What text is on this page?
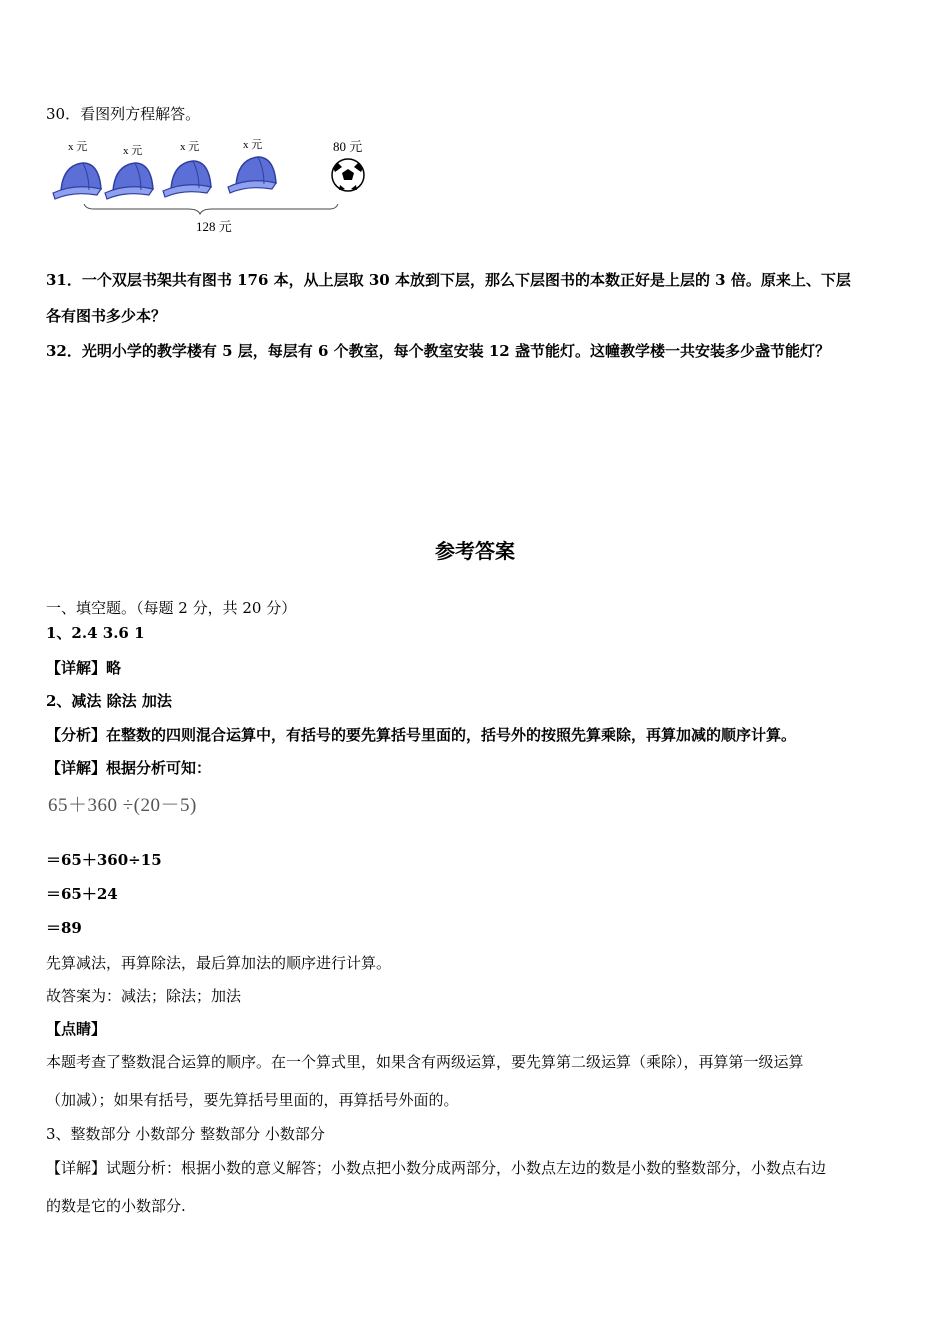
30．看图列方程解答。
x 元	x 元	x 元	x 元	80 元
128 元
31．一个双层书架共有图书 176 本，从上层取 30 本放到下层，那么下层图书的本数正好是上层的 3 倍。原来上、下层
各有图书多少本？
32．光明小学的教学楼有 5 层，每层有 6 个教室，每个教室安装 12 盏节能灯。这幢教学楼一共安装多少盏节能灯？
参考答案
一、填空题。（每题 2 分，共 20 分）
1、2.4 3.6 1
【详解】略
2、减法 除法 加法
【分析】在整数的四则混合运算中，有括号的要先算括号里面的，括号外的按照先算乘除，再算加减的顺序计算。
【详解】根据分析可知：
65＋360 ÷(20－5)
＝65＋360÷15
＝65＋24
＝89
先算减法，再算除法，最后算加法的顺序进行计算。
故答案为：减法；除法；加法
【点睛】
本题考查了整数混合运算的顺序。在一个算式里，如果含有两级运算，要先算第二级运算（乘除），再算第一级运算
（加减）；如果有括号，要先算括号里面的，再算括号外面的。
3、整数部分 小数部分 整数部分 小数部分
【详解】试题分析：根据小数的意义解答；小数点把小数分成两部分，小数点左边的数是小数的整数部分，小数点右边
的数是它的小数部分.
